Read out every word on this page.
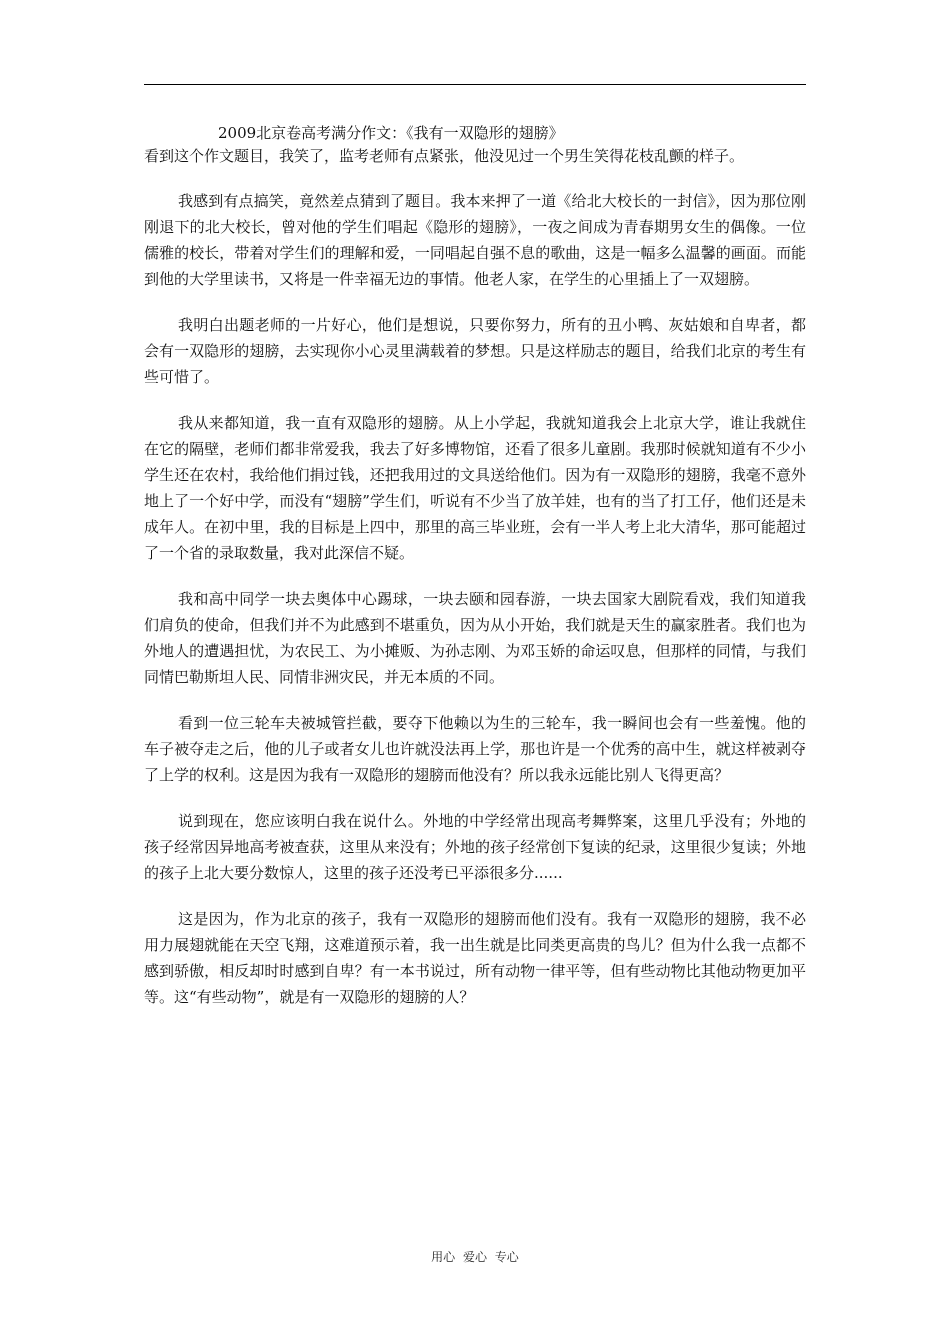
2009北京卷高考满分作文：《我有一双隐形的翅膀》

看到这个作文题目，我笑了，监考老师有点紧张，他没见过一个男生笑得花枝乱颤的样子。

我感到有点搞笑，竟然差点猜到了题目。我本来押了一道《给北大校长的一封信》，因为那位刚刚退下的北大校长，曾对他的学生们唱起《隐形的翅膀》，一夜之间成为青春期男女生的偶像。一位儒雅的校长，带着对学生们的理解和爱，一同唱起自强不息的歌曲，这是一幅多么温馨的画面。而能到他的大学里读书，又将是一件幸福无边的事情。他老人家，在学生的心里插上了一双翅膀。

我明白出题老师的一片好心，他们是想说，只要你努力，所有的丑小鸭、灰姑娘和自卑者，都会有一双隐形的翅膀，去实现你小心灵里满载着的梦想。只是这样励志的题目，给我们北京的考生有些可惜了。

我从来都知道，我一直有双隐形的翅膀。从上小学起，我就知道我会上北京大学，谁让我就住在它的隔壁，老师们都非常爱我，我去了好多博物馆，还看了很多儿童剧。我那时候就知道有不少小学生还在农村，我给他们捐过钱，还把我用过的文具送给他们。因为有一双隐形的翅膀，我毫不意外地上了一个好中学，而没有“翅膀”学生们，听说有不少当了放羊娃，也有的当了打工仔，他们还是未成年人。在初中里，我的目标是上四中，那里的高三毕业班，会有一半人考上北大清华，那可能超过了一个省的录取数量，我对此深信不疑。

我和高中同学一块去奥体中心踢球，一块去颐和园春游，一块去国家大剧院看戏，我们知道我们肩负的使命，但我们并不为此感到不堪重负，因为从小开始，我们就是天生的赢家胜者。我们也为外地人的遭遇担忧，为农民工、为小摊贩、为孙志刚、为邓玉娇的命运叹息，但那样的同情，与我们同情巴勒斯坦人民、同情非洲灾民，并无本质的不同。

看到一位三轮车夫被城管拦截，要夺下他赖以为生的三轮车，我一瞬间也会有一些羞愧。他的车子被夺走之后，他的儿子或者女儿也许就没法再上学，那也许是一个优秀的高中生，就这样被剥夺了上学的权利。这是因为我有一双隐形的翅膀而他没有？所以我永远能比别人飞得更高？

说到现在，您应该明白我在说什么。外地的中学经常出现高考舞弊案，这里几乎没有；外地的孩子经常因异地高考被查获，这里从来没有；外地的孩子经常创下复读的纪录，这里很少复读；外地的孩子上北大要分数惊人，这里的孩子还没考已平添很多分......

这是因为，作为北京的孩子，我有一双隐形的翅膀而他们没有。我有一双隐形的翅膀，我不必用力展翅就能在天空飞翔，这难道预示着，我一出生就是比同类更高贵的鸟儿？但为什么我一点都不感到骄傲，相反却时时感到自卑？有一本书说过，所有动物一律平等，但有些动物比其他动物更加平等。这“有些动物”，就是有一双隐形的翅膀的人？

用心 爱心 专心
